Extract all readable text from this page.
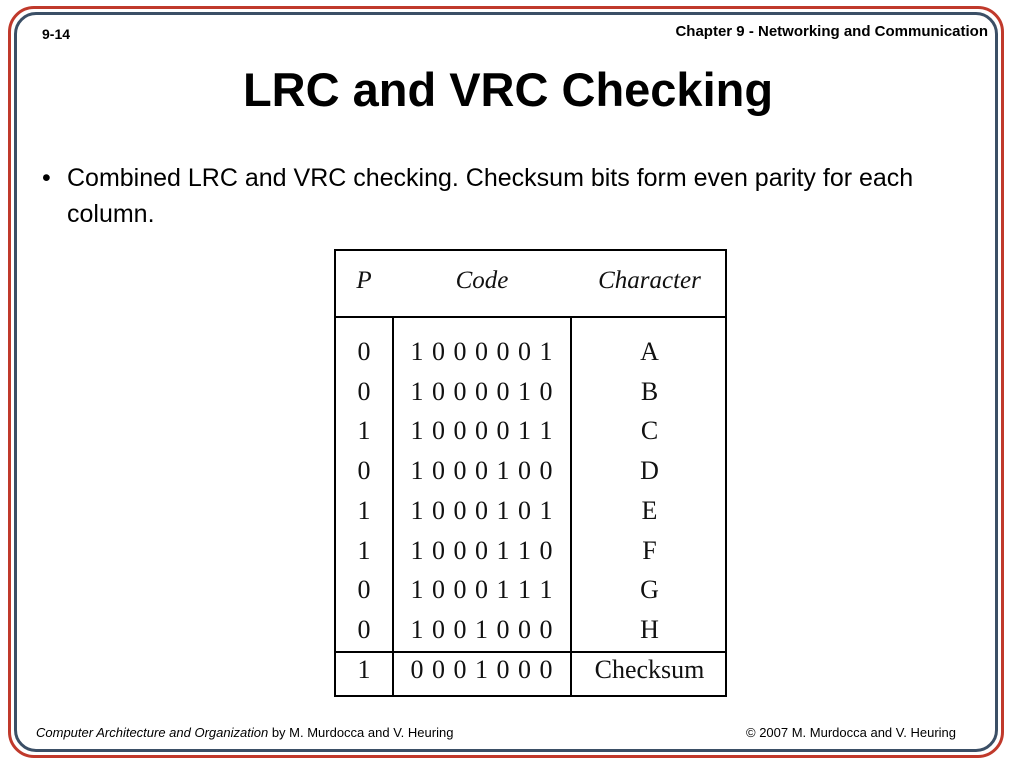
9-14	Chapter 9 - Networking and Communication
LRC and VRC Checking
• Combined LRC and VRC checking. Checksum bits form even parity for each column.
P	Code	Character
0	1 0 0 0 0 0 1	A
0	1 0 0 0 0 1 0	B
1	1 0 0 0 0 1 1	C
0	1 0 0 0 1 0 0	D
1	1 0 0 0 1 0 1	E
1	1 0 0 0 1 1 0	F
0	1 0 0 0 1 1 1	G
0	1 0 0 1 0 0 0	H
1	0 0 0 1 0 0 0	Checksum
Computer Architecture and Organization by M. Murdocca and V. Heuring	© 2007 M. Murdocca and V. Heuring
